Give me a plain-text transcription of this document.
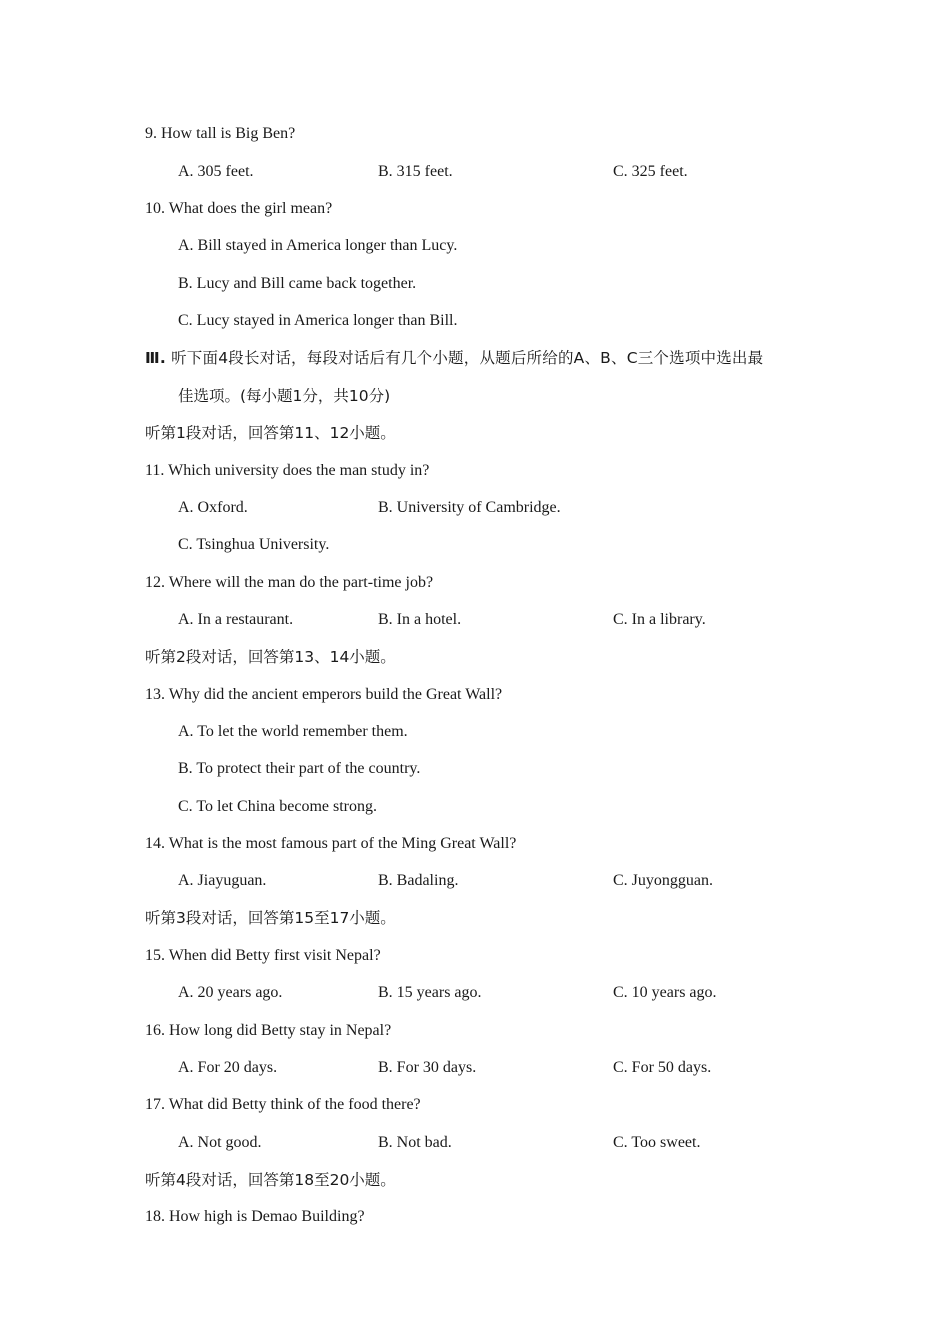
9. How tall is Big Ben?
A. 305 feet.	B. 315 feet.	C. 325 feet.
10. What does the girl mean?
A. Bill stayed in America longer than Lucy.
B. Lucy and Bill came back together.
C. Lucy stayed in America longer than Bill.
Ⅲ. 听下面4段长对话，每段对话后有几个小题，从题后所给的A、B、C三个选项中选出最
佳选项。(每小题1分，共10分)
听第1段对话，回答第11、12小题。
11. Which university does the man study in?
A. Oxford.	B. University of Cambridge.
C. Tsinghua University.
12. Where will the man do the part-time job?
A. In a restaurant.	B. In a hotel.	C. In a library.
听第2段对话，回答第13、14小题。
13. Why did the ancient emperors build the Great Wall?
A. To let the world remember them.
B. To protect their part of the country.
C. To let China become strong.
14. What is the most famous part of the Ming Great Wall?
A. Jiayuguan.	B. Badaling.	C. Juyongguan.
听第3段对话，回答第15至17小题。
15. When did Betty first visit Nepal?
A. 20 years ago.	B. 15 years ago.	C. 10 years ago.
16. How long did Betty stay in Nepal?
A. For 20 days.	B. For 30 days.	C. For 50 days.
17. What did Betty think of the food there?
A. Not good.	B. Not bad.	C. Too sweet.
听第4段对话，回答第18至20小题。
18. How high is Demao Building?
